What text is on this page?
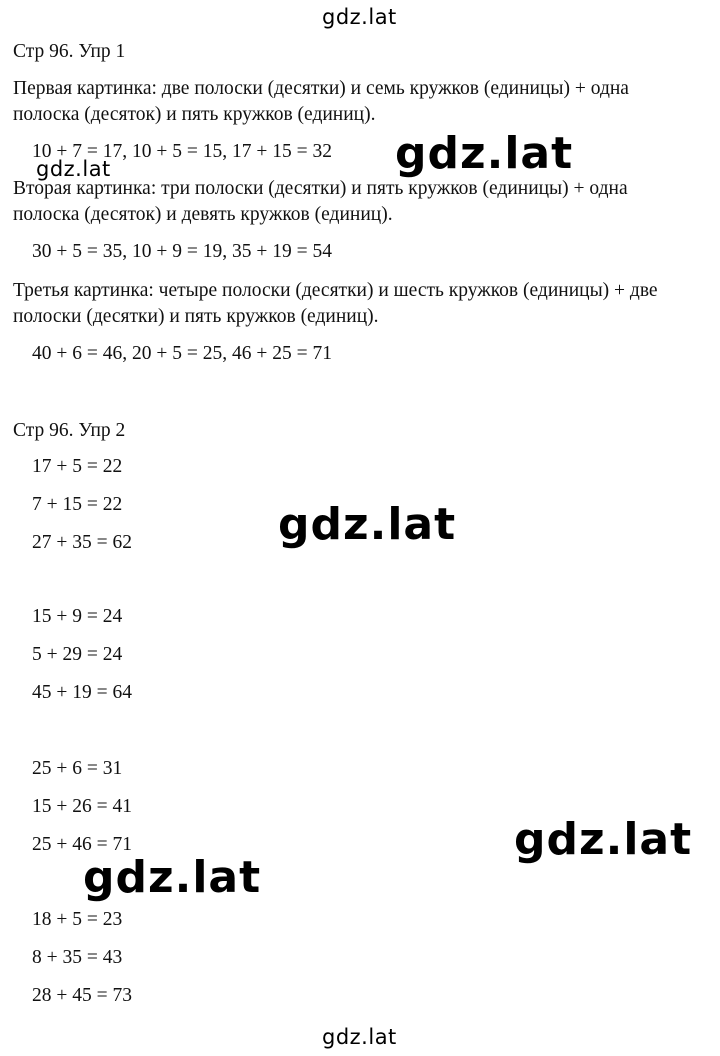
gdz.lat
Стр 96. Упр 1
Первая картинка: две полоски (десятки) и семь кружков (единицы) + одна
полоска (десяток) и пять кружков (единиц).
10 + 7 = 17, 10 + 5 = 15, 17 + 15 = 32
gdz.lat	gdz.lat
Вторая картинка: три полоски (десятки) и пять кружков (единицы) + одна
полоска (десяток) и девять кружков (единиц).
30 + 5 = 35, 10 + 9 = 19, 35 + 19 = 54
Третья картинка: четыре полоски (десятки) и шесть кружков (единицы) + две
полоски (десятки) и пять кружков (единиц).
40 + 6 = 46, 20 + 5 = 25, 46 + 25 = 71
Стр 96. Упр 2
17 + 5 = 22
7 + 15 = 22
27 + 35 = 62	gdz.lat
15 + 9 = 24
5 + 29 = 24
45 + 19 = 64
25 + 6 = 31
15 + 26 = 41
25 + 46 = 71	gdz.lat
gdz.lat
18 + 5 = 23
8 + 35 = 43
28 + 45 = 73
gdz.lat
